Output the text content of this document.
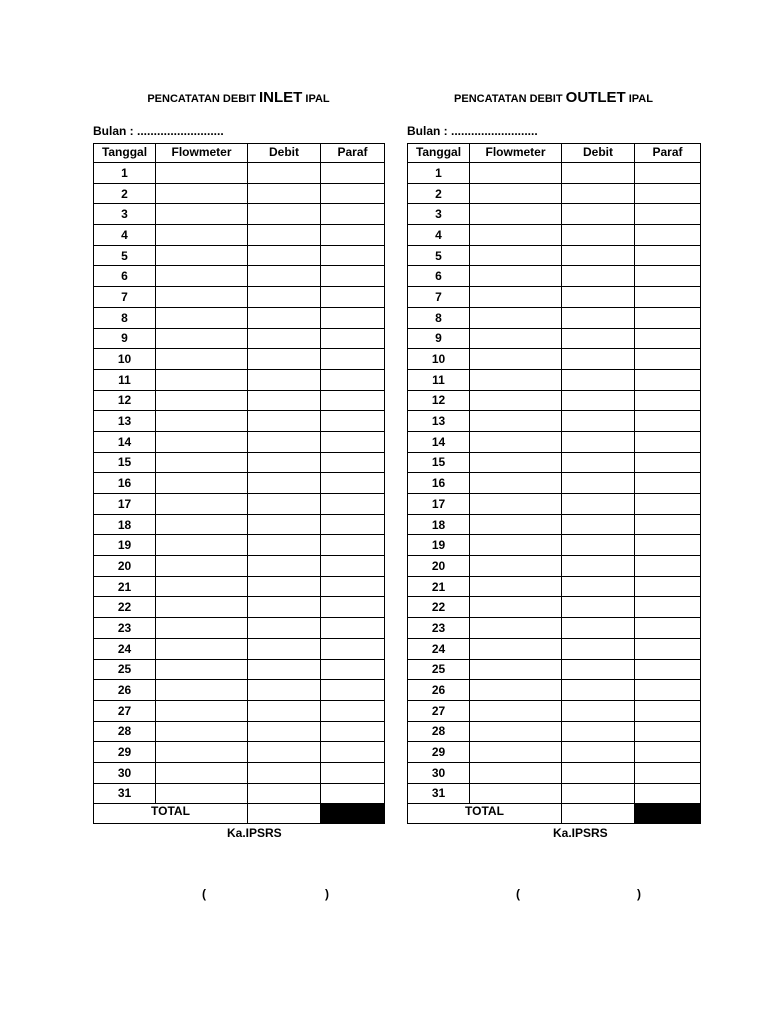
PENCATATAN DEBIT INLET IPAL
Bulan : ..........................
Tanggal	Flowmeter	Debit	Paraf
1			
2			
3			
4			
5			
6			
7			
8			
9			
10			
11			
12			
13			
14			
15			
16			
17			
18			
19			
20			
21			
22			
23			
24			
25			
26			
27			
28			
29			
30			
31			
TOTAL			
Ka.IPSRS
(	)
PENCATATAN DEBIT OUTLET IPAL
Bulan : ..........................
Tanggal	Flowmeter	Debit	Paraf
1			
2			
3			
4			
5			
6			
7			
8			
9			
10			
11			
12			
13			
14			
15			
16			
17			
18			
19			
20			
21			
22			
23			
24			
25			
26			
27			
28			
29			
30			
31			
TOTAL			
Ka.IPSRS
(	)
